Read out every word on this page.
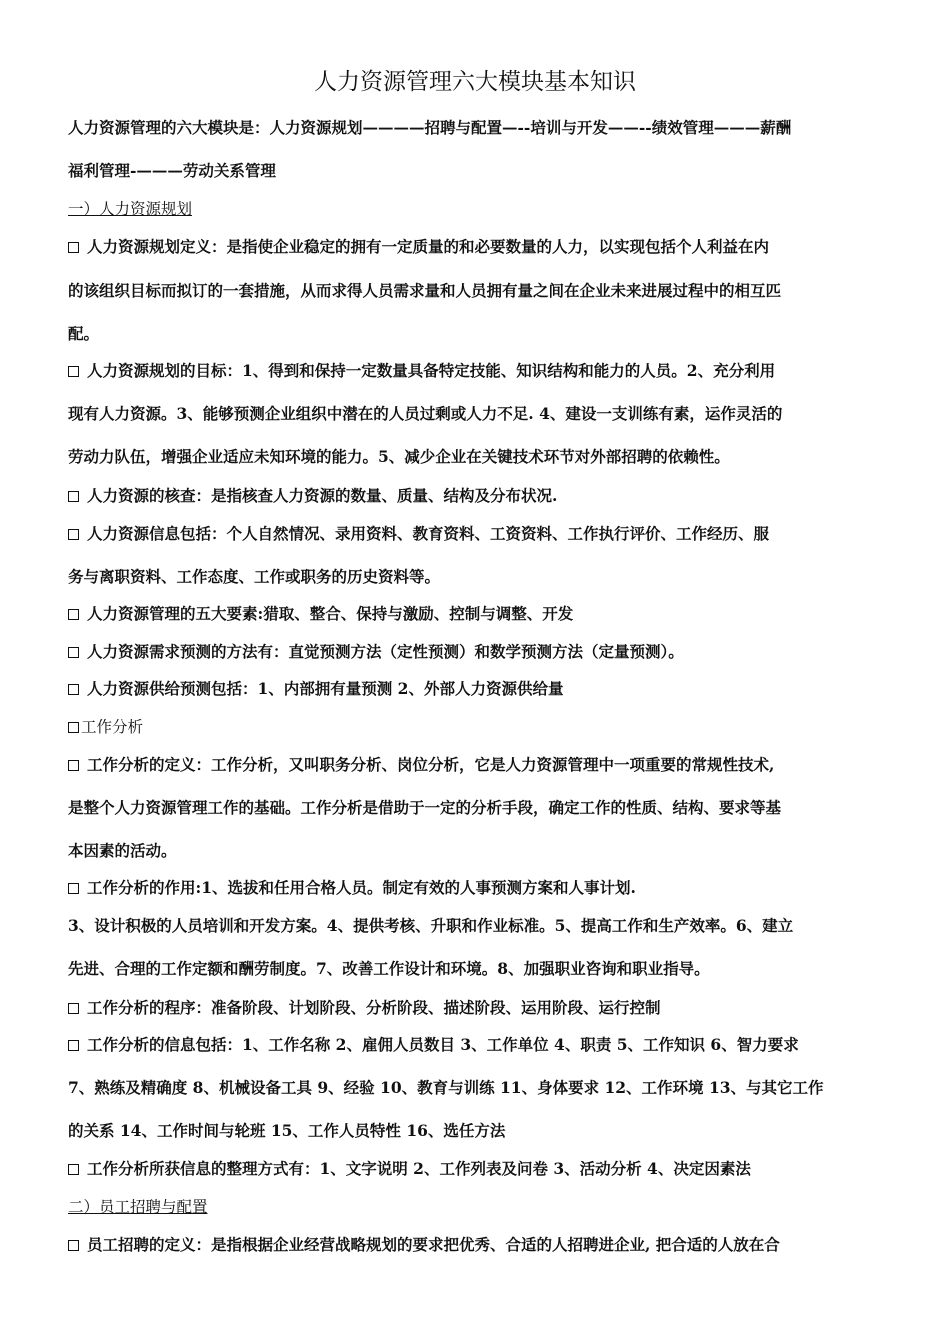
人力资源管理六大模块基本知识
人力资源管理的六大模块是：人力资源规划————招聘与配置—--培训与开发——--绩效管理———薪酬
福利管理-———劳动关系管理
一）人力资源规划
人力资源规划定义：是指使企业稳定的拥有一定质量的和必要数量的人力，以实现包括个人利益在内
的该组织目标而拟订的一套措施，从而求得人员需求量和人员拥有量之间在企业未来进展过程中的相互匹
配。
人力资源规划的目标：1、得到和保持一定数量具备特定技能、知识结构和能力的人员。2、充分利用
现有人力资源。3、能够预测企业组织中潜在的人员过剩或人力不足. 4、建设一支训练有素，运作灵活的
劳动力队伍，增强企业适应未知环境的能力。5、减少企业在关键技术环节对外部招聘的依赖性。
人力资源的核查：是指核查人力资源的数量、质量、结构及分布状况.
人力资源信息包括：个人自然情况、录用资料、教育资料、工资资料、工作执行评价、工作经历、服
务与离职资料、工作态度、工作或职务的历史资料等。
人力资源管理的五大要素:猎取、整合、保持与激励、控制与调整、开发
人力资源需求预测的方法有：直觉预测方法（定性预测）和数学预测方法（定量预测）。
人力资源供给预测包括：1、内部拥有量预测 2、外部人力资源供给量
工作分析
工作分析的定义：工作分析，又叫职务分析、岗位分析，它是人力资源管理中一项重要的常规性技术,
是整个人力资源管理工作的基础。工作分析是借助于一定的分析手段，确定工作的性质、结构、要求等基
本因素的活动。
工作分析的作用:1、选拔和任用合格人员。制定有效的人事预测方案和人事计划.
3、设计积极的人员培训和开发方案。4、提供考核、升职和作业标准。5、提高工作和生产效率。6、建立
先进、合理的工作定额和酬劳制度。7、改善工作设计和环境。8、加强职业咨询和职业指导。
工作分析的程序：准备阶段、计划阶段、分析阶段、描述阶段、运用阶段、运行控制
工作分析的信息包括：1、工作名称 2、雇佣人员数目 3、工作单位 4、职责 5、工作知识 6、智力要求
7、熟练及精确度 8、机械设备工具 9、经验 10、教育与训练 11、身体要求 12、工作环境 13、与其它工作
的关系 14、工作时间与轮班 15、工作人员特性 16、选任方法
工作分析所获信息的整理方式有：1、文字说明 2、工作列表及问卷 3、活动分析 4、决定因素法
二）员工招聘与配置
员工招聘的定义：是指根据企业经营战略规划的要求把优秀、合适的人招聘进企业, 把合适的人放在合
